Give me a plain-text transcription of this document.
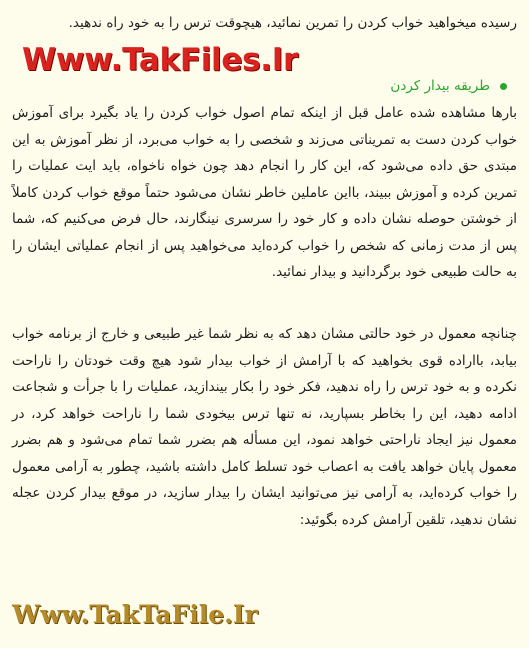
رسیده میخواهید خواب کردن را تمرین نمائید، هیچوقت ترس را به خود راه ندهید.

Www.TakFiles.Ir
طریقه بیدار کردن

بارها مشاهده شده عامل قبل از اینکه تمام اصول خواب کردن را یاد بگیرد برای آموزش خواب کردن دست به تمریناتی می‌زند و شخصی را به خواب می‌برد، از نظر آموزش به این مبتدی حق داده می‌شود که، این کار را انجام دهد چون خواه ناخواه، باید ایت عملیات را تمرین کرده و آموزش ببیند، بااین عاملین خاطر نشان می‌شود حتماً موقع خواب کردن کاملاً از خوشتن حوصله نشان داده و کار خود را سرسری نینگارند، حال فرض می‌کنیم که، شما پس از مدت زمانی که شخص را خواب کرده‌اید می‌خواهید پس از انجام عملیاتی ایشان را به حالت طبیعی خود برگردانید و بیدار نمائید.

چنانچه معمول در خود حالتی مشان دهد که به نظر شما غیر طبیعی و خارج از برنامه خواب بیابد، بااراده قوی بخواهید که با آرامش از خواب بیدار شود هیچ وقت خودتان را ناراحت نکرده و به خود ترس را راه ندهید، فکر خود را بکار بیندازید، عملیات را با جرأت و شجاعت ادامه دهید، این را بخاطر بسپارید، نه تنها ترس بیخودی شما را ناراحت خواهد کرد، در معمول نیز ایجاد ناراحتی خواهد نمود، این مسأله هم بضرر شما تمام می‌شود و هم بضرر معمول پایان خواهد یافت به اعصاب خود تسلط کامل داشته باشید، چطور به آرامی معمول را خواب کرده‌اید، به آرامی نیز می‌توانید ایشان را بیدار سازید، در موقع بیدار کردن عجله نشان ندهید، تلقین آرامش کرده بگوئید:

Www.TakTaFile.Ir
